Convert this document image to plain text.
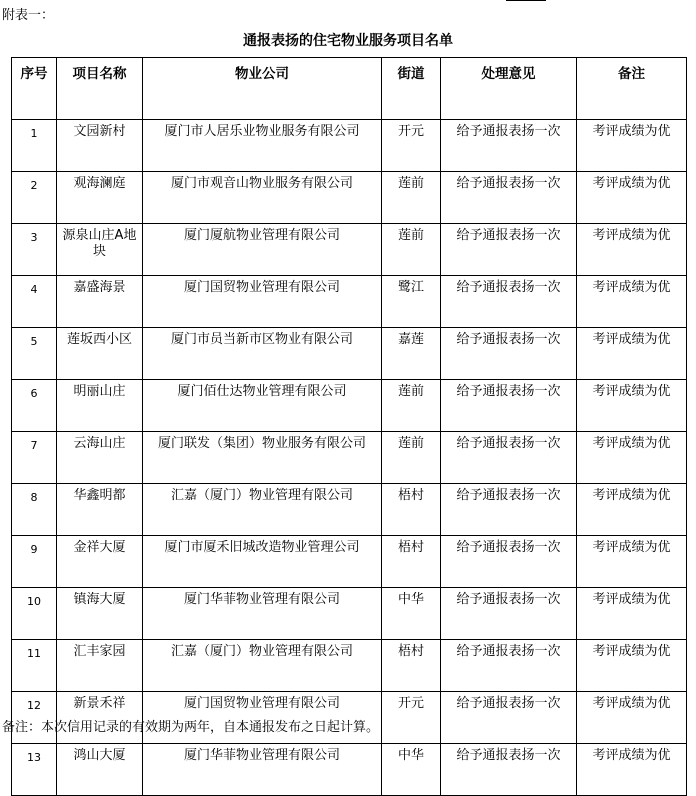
附表一：
通报表扬的住宅物业服务项目名单
序号	项目名称	物业公司	街道	处理意见	备注
1	文园新村	厦门市人居乐业物业服务有限公司	开元	给予通报表扬一次	考评成绩为优
2	观海澜庭	厦门市观音山物业服务有限公司	莲前	给予通报表扬一次	考评成绩为优
3	源泉山庄A地块	厦门厦航物业管理有限公司	莲前	给予通报表扬一次	考评成绩为优
4	嘉盛海景	厦门国贸物业管理有限公司	鹭江	给予通报表扬一次	考评成绩为优
5	莲坂西小区	厦门市员当新市区物业有限公司	嘉莲	给予通报表扬一次	考评成绩为优
6	明丽山庄	厦门佰仕达物业管理有限公司	莲前	给予通报表扬一次	考评成绩为优
7	云海山庄	厦门联发（集团）物业服务有限公司	莲前	给予通报表扬一次	考评成绩为优
8	华鑫明都	汇嘉（厦门）物业管理有限公司	梧村	给予通报表扬一次	考评成绩为优
9	金祥大厦	厦门市厦禾旧城改造物业管理公司	梧村	给予通报表扬一次	考评成绩为优
10	镇海大厦	厦门华菲物业管理有限公司	中华	给予通报表扬一次	考评成绩为优
11	汇丰家园	汇嘉（厦门）物业管理有限公司	梧村	给予通报表扬一次	考评成绩为优
12	新景禾祥	厦门国贸物业管理有限公司	开元	给予通报表扬一次	考评成绩为优
13	鸿山大厦	厦门华菲物业管理有限公司	中华	给予通报表扬一次	考评成绩为优
备注：本次信用记录的有效期为两年，自本通报发布之日起计算。
